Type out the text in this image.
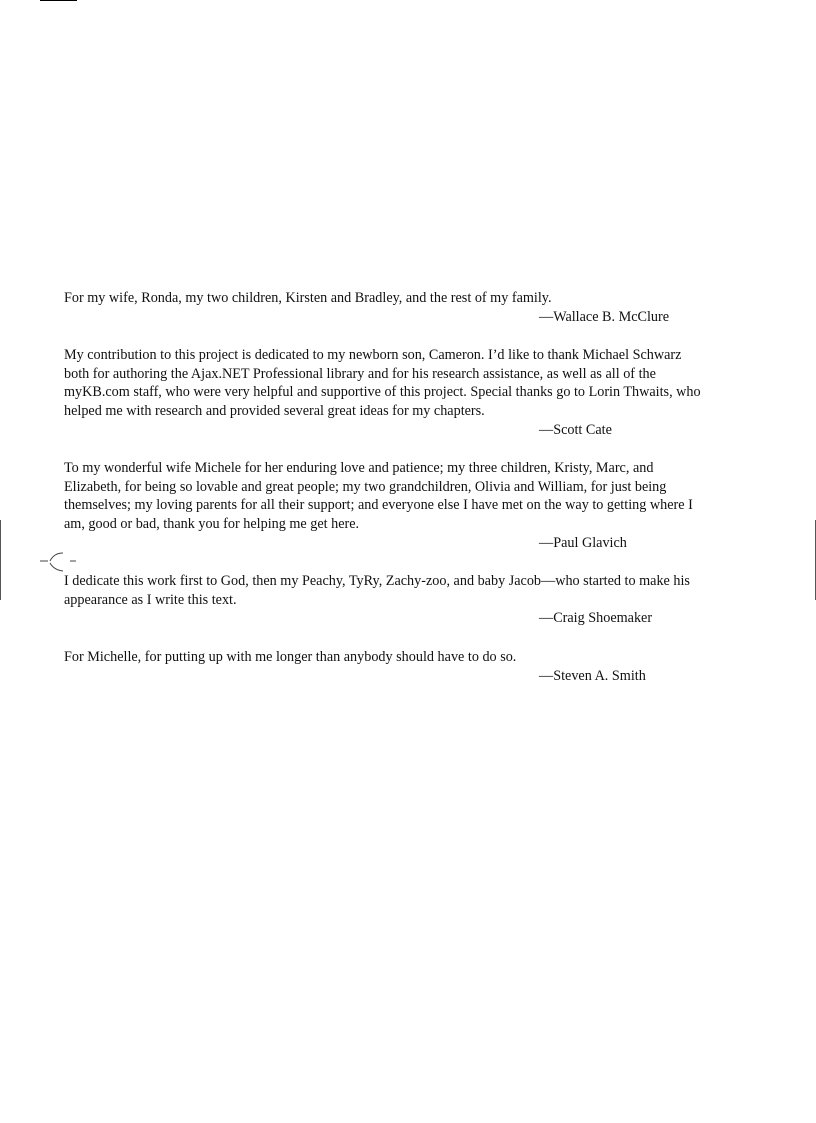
For my wife, Ronda, my two children, Kirsten and Bradley, and the rest of my family.

—Wallace B. McClure

My contribution to this project is dedicated to my newborn son, Cameron. I’d like to thank Michael Schwarz both for authoring the Ajax.NET Professional library and for his research assistance, as well as all of the myKB.com staff, who were very helpful and supportive of this project. Special thanks go to Lorin Thwaits, who helped me with research and provided several great ideas for my chapters.

—Scott Cate

To my wonderful wife Michele for her enduring love and patience; my three children, Kristy, Marc, and Elizabeth, for being so lovable and great people; my two grandchildren, Olivia and William, for just being themselves; my loving parents for all their support; and everyone else I have met on the way to getting where I am, good or bad, thank you for helping me get here.

—Paul Glavich

I dedicate this work first to God, then my Peachy, TyRy, Zachy-zoo, and baby Jacob—who started to make his appearance as I write this text.

—Craig Shoemaker

For Michelle, for putting up with me longer than anybody should have to do so.

—Steven A. Smith
